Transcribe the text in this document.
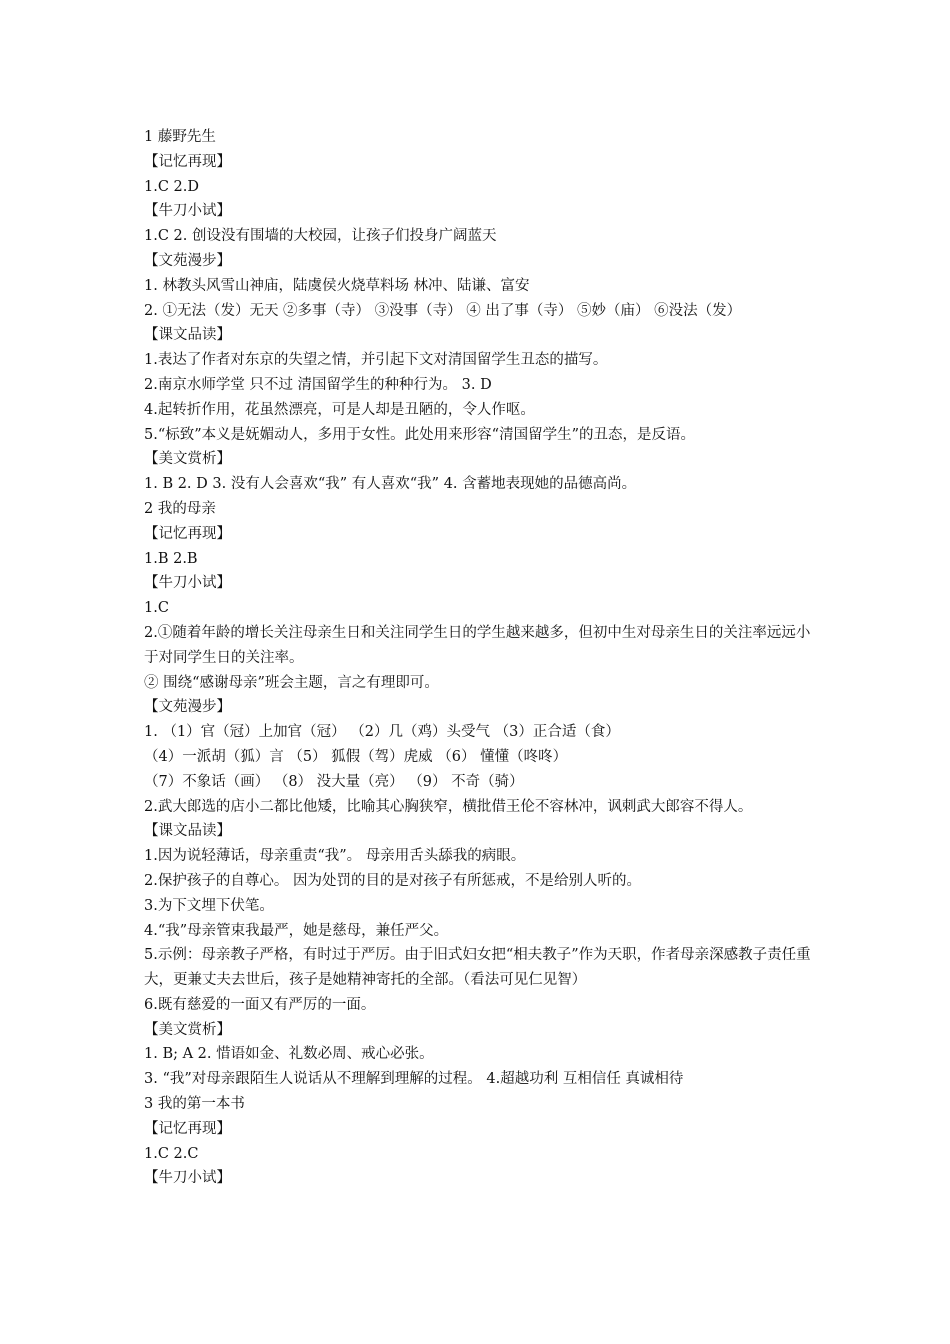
1 藤野先生
【记忆再现】
1.C 2.D
【牛刀小试】
1.C 2. 创设没有围墙的大校园，让孩子们投身广阔蓝天
【文苑漫步】
1. 林教头风雪山神庙，陆虞侯火烧草料场 林冲、陆谦、富安
2. ①无法（发）无天 ②多事（寺） ③没事（寺） ④ 出了事（寺） ⑤妙（庙） ⑥没法（发）
【课文品读】
1.表达了作者对东京的失望之情，并引起下文对清国留学生丑态的描写。
2.南京水师学堂 只不过 清国留学生的种种行为。 3. D
4.起转折作用，花虽然漂亮，可是人却是丑陋的，令人作呕。
5.“标致”本义是妩媚动人，多用于女性。此处用来形容“清国留学生”的丑态，是反语。
【美文赏析】
1. B 2. D 3. 没有人会喜欢“我” 有人喜欢“我” 4. 含蓄地表现她的品德高尚。
2 我的母亲
【记忆再现】
1.B 2.B
【牛刀小试】
1.C
2.①随着年龄的增长关注母亲生日和关注同学生日的学生越来越多，但初中生对母亲生日的关注率远远小于对同学生日的关注率。
② 围绕“感谢母亲”班会主题，言之有理即可。
【文苑漫步】
1. （1）官（冠）上加官（冠） （2）几（鸡）头受气 （3）正合适（食）
（4）一派胡（狐）言 （5） 狐假（驾）虎威 （6） 懂懂（咚咚）
（7）不象话（画） （8） 没大量（亮） （9） 不奇（骑）
2.武大郎选的店小二都比他矮，比喻其心胸狭窄，横批借王伦不容林冲，讽刺武大郎容不得人。
【课文品读】
1.因为说轻薄话，母亲重责“我”。 母亲用舌头舔我的病眼。
2.保护孩子的自尊心。 因为处罚的目的是对孩子有所惩戒，不是给别人听的。
3.为下文埋下伏笔。
4.“我”母亲管束我最严，她是慈母，兼任严父。
5.示例：母亲教子严格，有时过于严厉。由于旧式妇女把“相夫教子”作为天职，作者母亲深感教子责任重大，更兼丈夫去世后，孩子是她精神寄托的全部。（看法可见仁见智）
6.既有慈爱的一面又有严厉的一面。
【美文赏析】
1. B; A 2. 惜语如金、礼数必周、戒心必张。
3. “我”对母亲跟陌生人说话从不理解到理解的过程。 4.超越功利 互相信任 真诚相待
3 我的第一本书
【记忆再现】
1.C 2.C
【牛刀小试】
